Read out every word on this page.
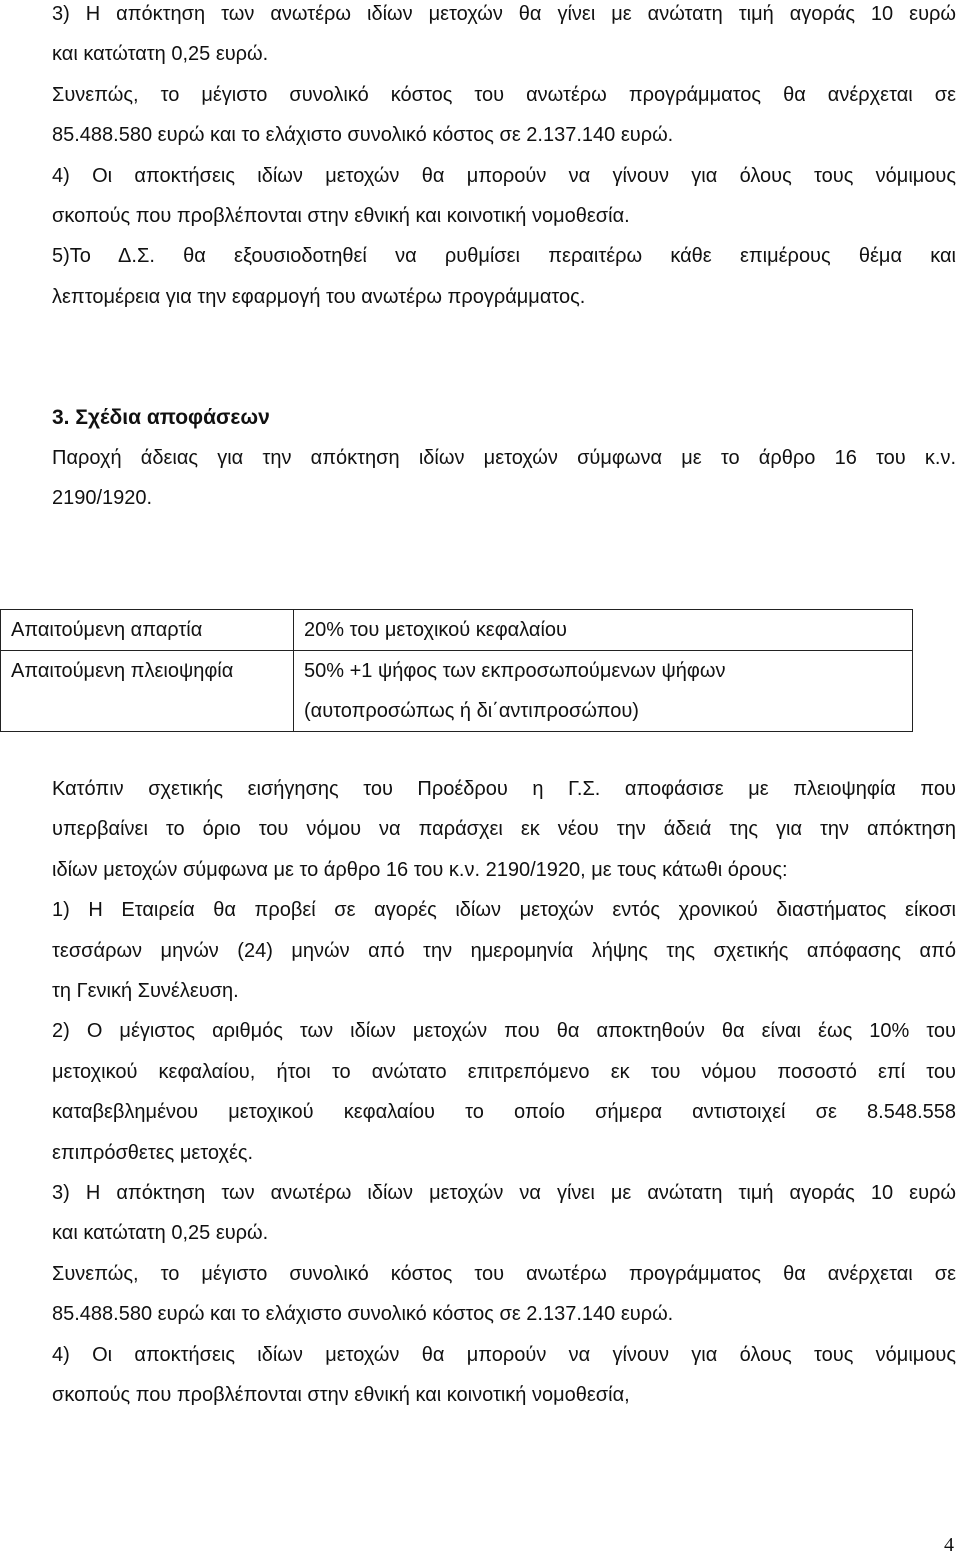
3) Η απόκτηση των ανωτέρω ιδίων μετοχών θα γίνει με ανώτατη τιμή αγοράς 10 ευρώ

και κατώτατη 0,25 ευρώ.

Συνεπώς, το μέγιστο συνολικό κόστος του ανωτέρω προγράμματος θα ανέρχεται σε

85.488.580 ευρώ και το ελάχιστο συνολικό κόστος σε 2.137.140 ευρώ.

4) Οι αποκτήσεις ιδίων μετοχών θα μπορούν να γίνουν για όλους τους νόμιμους

σκοπούς που προβλέπονται στην εθνική και κοινοτική νομοθεσία.

5)Το Δ.Σ. θα εξουσιοδοτηθεί να ρυθμίσει περαιτέρω κάθε επιμέρους θέμα και

λεπτομέρεια για την εφαρμογή του ανωτέρω προγράμματος.

3. Σχέδια αποφάσεων

Παροχή άδειας για την απόκτηση ιδίων μετοχών σύμφωνα με το άρθρο 16 του κ.ν.

2190/1920.

Απαιτούμενη απαρτία	20% του μετοχικού κεφαλαίου
Απαιτούμενη πλειοψηφία	50% +1 ψήφος των εκπροσωπούμενων ψήφων
(αυτοπροσώπως ή δι΄αντιπροσώπου)

Κατόπιν σχετικής εισήγησης του Προέδρου η Γ.Σ. αποφάσισε με πλειοψηφία που

υπερβαίνει το όριο του νόμου να παράσχει εκ νέου την άδειά της για την απόκτηση

ιδίων μετοχών σύμφωνα με το άρθρο 16 του κ.ν. 2190/1920, με τους κάτωθι όρους:

1) Η Εταιρεία θα προβεί σε αγορές ιδίων μετοχών εντός χρονικού διαστήματος είκοσι

τεσσάρων μηνών (24) μηνών από την ημερομηνία λήψης της σχετικής απόφασης από

τη Γενική Συνέλευση.

2) Ο μέγιστος αριθμός των ιδίων μετοχών που θα αποκτηθούν θα είναι έως 10% του

μετοχικού κεφαλαίου, ήτοι το ανώτατο επιτρεπόμενο εκ του νόμου ποσοστό επί του

καταβεβλημένου μετοχικού κεφαλαίου το οποίο σήμερα αντιστοιχεί σε 8.548.558

επιπρόσθετες μετοχές.

3) Η απόκτηση των ανωτέρω ιδίων μετοχών να γίνει με ανώτατη τιμή αγοράς 10 ευρώ

και κατώτατη 0,25 ευρώ.

Συνεπώς, το μέγιστο συνολικό κόστος του ανωτέρω προγράμματος θα ανέρχεται σε

85.488.580 ευρώ και το ελάχιστο συνολικό κόστος σε 2.137.140 ευρώ.

4) Οι αποκτήσεις ιδίων μετοχών θα μπορούν να γίνουν για όλους τους νόμιμους

σκοπούς που προβλέπονται στην εθνική και κοινοτική νομοθεσία,

4
